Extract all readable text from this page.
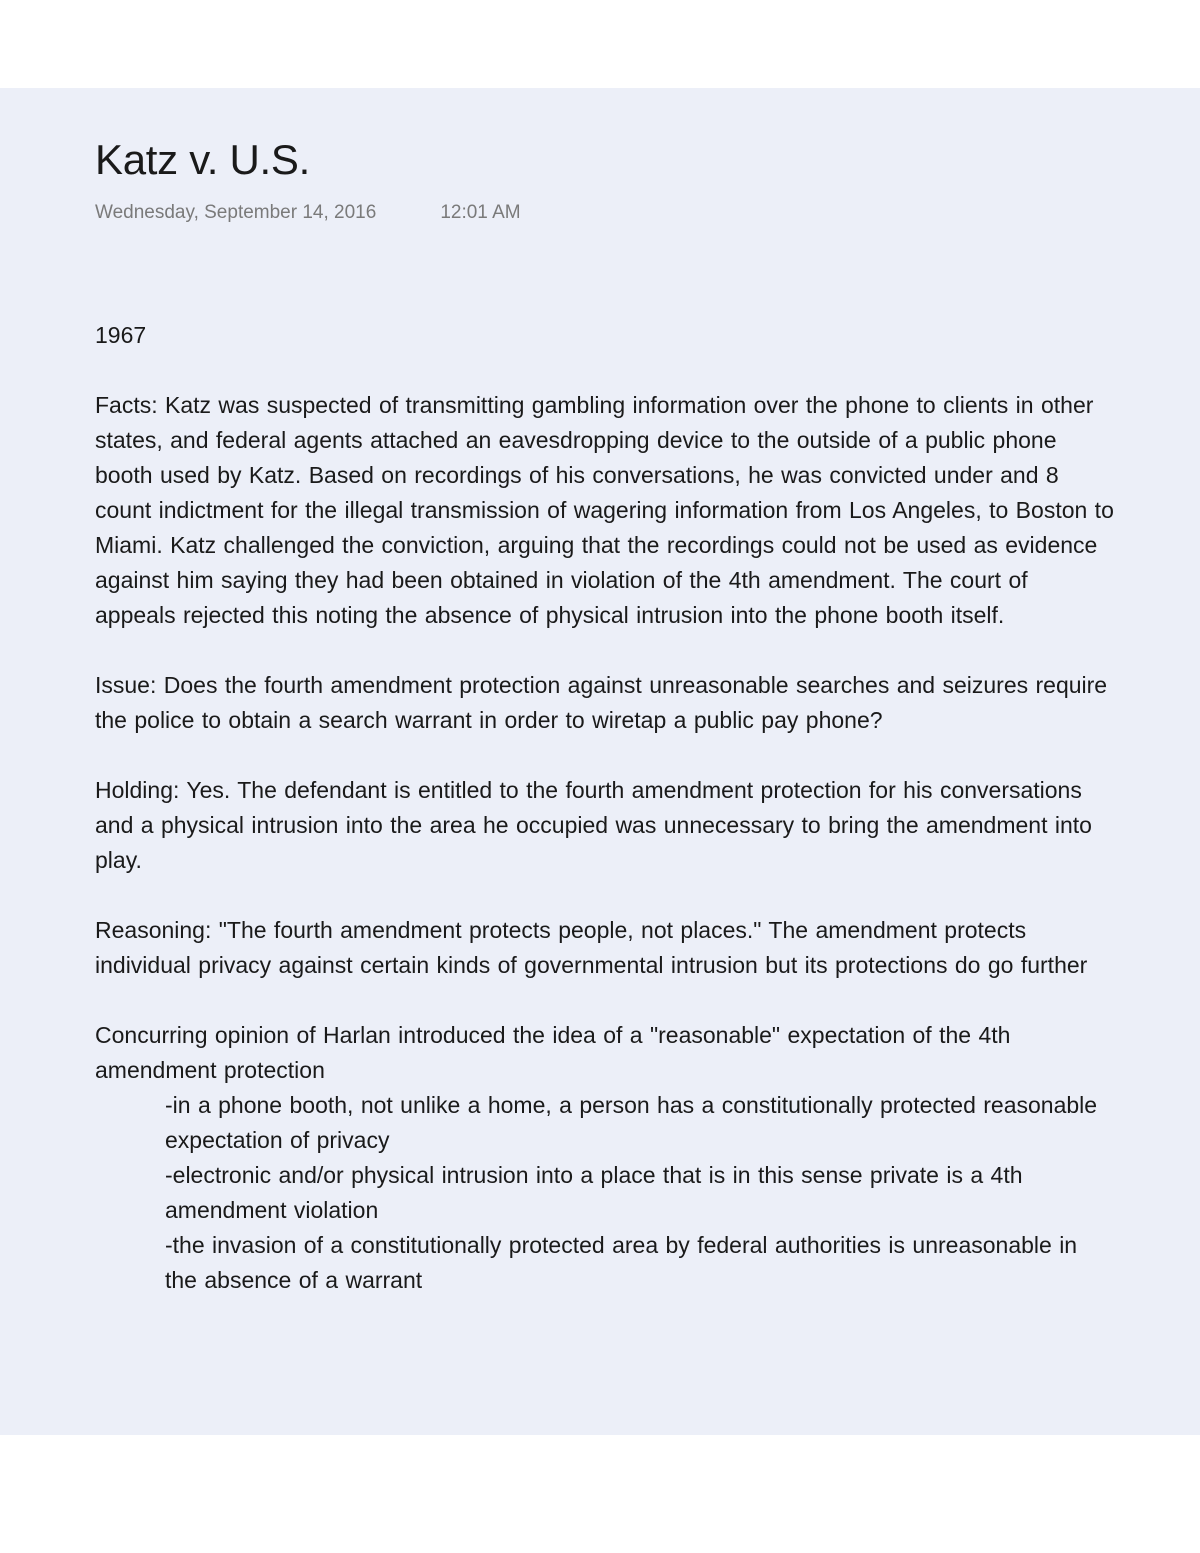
Katz v. U.S.
Wednesday, September 14, 2016	12:01 AM

1967

Facts: Katz was suspected of transmitting gambling information over the phone to clients in other states, and federal agents attached an eavesdropping device to the outside of a public phone booth used by Katz. Based on recordings of his conversations, he was convicted under and 8 count indictment for the illegal transmission of wagering information from Los Angeles, to Boston to Miami. Katz challenged the conviction, arguing that the recordings could not be used as evidence against him saying they had been obtained in violation of the 4th amendment. The court of appeals rejected this noting the absence of physical intrusion into the phone booth itself.

Issue: Does the fourth amendment protection against unreasonable searches and seizures require the police to obtain a search warrant in order to wiretap a public pay phone?

Holding: Yes. The defendant is entitled to the fourth amendment protection for his conversations and a physical intrusion into the area he occupied was unnecessary to bring the amendment into play.

Reasoning: "The fourth amendment protects people, not places." The amendment protects individual privacy against certain kinds of governmental intrusion but its protections do go further

Concurring opinion of Harlan introduced the idea of a "reasonable" expectation of the 4th amendment protection

-in a phone booth, not unlike a home, a person has a constitutionally protected reasonable expectation of privacy
-electronic and/or physical intrusion into a place that is in this sense private is a 4th amendment violation
-the invasion of a constitutionally protected area by federal authorities is unreasonable in the absence of a warrant
